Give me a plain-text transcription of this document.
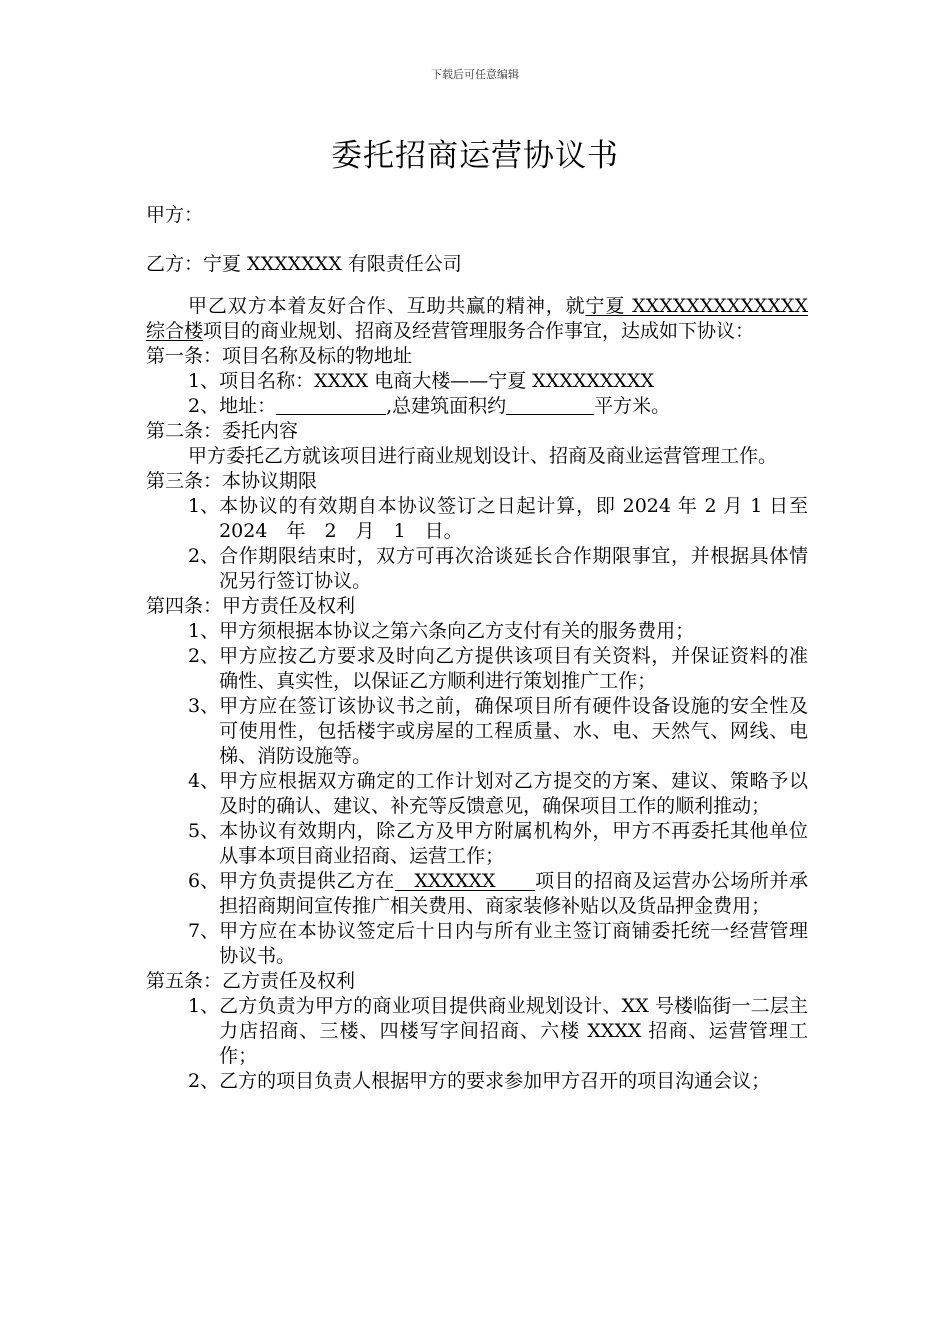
下载后可任意编辑
委托招商运营协议书
甲方：
乙方：宁夏 XXXXXXX 有限责任公司

甲乙双方本着友好合作、互助共赢的精神，就宁夏 XXXXXXXXXXXXX 综合楼项目的商业规划、招商及经营管理服务合作事宜，达成如下协议：

第一条：项目名称及标的物地址

1、 项目名称：XXXX 电商大楼——宁夏 XXXXXXXXX
2、 地址：	,总建筑面积约	平方米。

第二条：委托内容

甲方委托乙方就该项目进行商业规划设计、招商及商业运营管理工作。

第三条：本协议期限

1、 本协议的有效期自本协议签订之日起计算，即 2024 年 2 月 1 日至　2024　年　2　月　1　日。
2、 合作期限结束时，双方可再次洽谈延长合作期限事宜，并根据具体情况另行签订协议。

第四条：甲方责任及权利

1、 甲方须根据本协议之第六条向乙方支付有关的服务费用；
2、 甲方应按乙方要求及时向乙方提供该项目有关资料，并保证资料的准确性、真实性，以保证乙方顺利进行策划推广工作；
3、 甲方应在签订该协议书之前，确保项目所有硬件设备设施的安全性及可使用性，包括楼宇或房屋的工程质量、水、电、天然气、网线、电梯、消防设施等。
4、 甲方应根据双方确定的工作计划对乙方提交的方案、建议、策略予以及时的确认、建议、补充等反馈意见，确保项目工作的顺利推动；
5、 本协议有效期内，除乙方及甲方附属机构外，甲方不再委托其他单位从事本项目商业招商、运营工作；
6、 甲方负责提供乙方在　XXXXXX　　项目的招商及运营办公场所并承担招商期间宣传推广相关费用、商家装修补贴以及货品押金费用；
7、 甲方应在本协议签定后十日内与所有业主签订商铺委托统一经营管理协议书。

第五条：乙方责任及权利

1、 乙方负责为甲方的商业项目提供商业规划设计、XX 号楼临街一二层主力店招商、三楼、四楼写字间招商、六楼 XXXX 招商、运营管理工作；
2、 乙方的项目负责人根据甲方的要求参加甲方召开的项目沟通会议；
